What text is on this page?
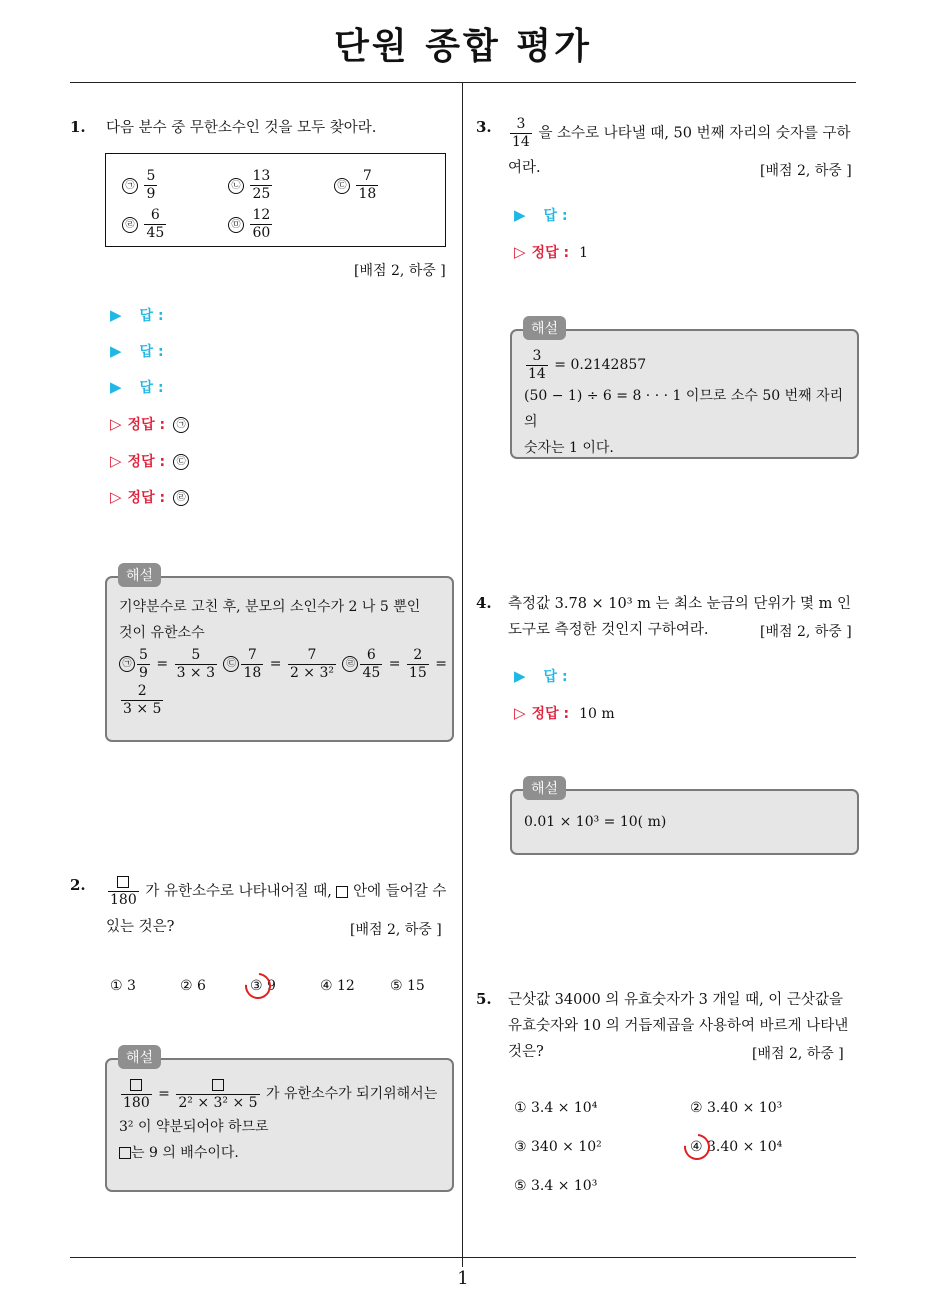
단원 종합 평가
1
1. 다음 분수 중 무한소수인 것을 모두 찾아라.
㉠ $\frac{5}{9}$	㉡ $\frac{13}{25}$	㉢ $\frac{7}{18}$
㉣ $\frac{6}{45}$	㉤ $\frac{12}{60}$
[배점 2, 하중 ]
▶ 답 :
▶ 답 :
▶ 답 :
▷ 정답 : ㉠
▷ 정답 : ㉢
▷ 정답 : ㉣
기약분수로 고친 후, 분모의 소인수가 2 나 5 뿐인
것이 유한소수
㉠ $\frac{5}{9} = \frac{5}{3 \times 3}$ ㉢ $\frac{7}{18} = \frac{7}{\text{2 × 3²}}$ ㉣ $\frac{6}{45} = \frac{2}{15}$ =
$\frac{2}{3 \times 5}$
해설
2.
180
가 유한소수로 나타내어질 때, 안에 들어갈 수
있는 것은?	[배점 2, 하중 ]
① 3	② 6	③ 9	④ 12	⑤ 15
180
=
2² × 3² × 5
가 유한소수가 되기위해서는
3² 이 약분되어야 하므로
는 9 의 배수이다.
해설
3. $\frac{3}{14}$ 을 소수로 나타낼 때, 50 번째 자리의 숫자를 구하
여라.	[배점 2, 하중 ]
▶ 답 :
▷ 정답 : 1
$\frac{3}{14} = 0.2142857$
(50 − 1) ÷ 6 = 8 · · · 1 이므로 소수 50 번째 자리의
숫자는 1 이다.
해설
4. 측정값 3.78 × 10³ m 는 최소 눈금의 단위가 몇 m 인
도구로 측정한 것인지 구하여라.	[배점 2, 하중 ]
▶ 답 :
▷ 정답 : 10 m
0.01 × 10³ = 10( m)
해설
5. 근삿값 34000 의 유효숫자가 3 개일 때, 이 근삿값을
유효숫자와 10 의 거듭제곱을 사용하여 바르게 나타낸
것은?	[배점 2, 하중 ]
① 3.4 × 10⁴	② 3.40 × 10³
③ 340 × 10²	④ 3.40 × 10⁴
⑤ 3.4 × 10³
